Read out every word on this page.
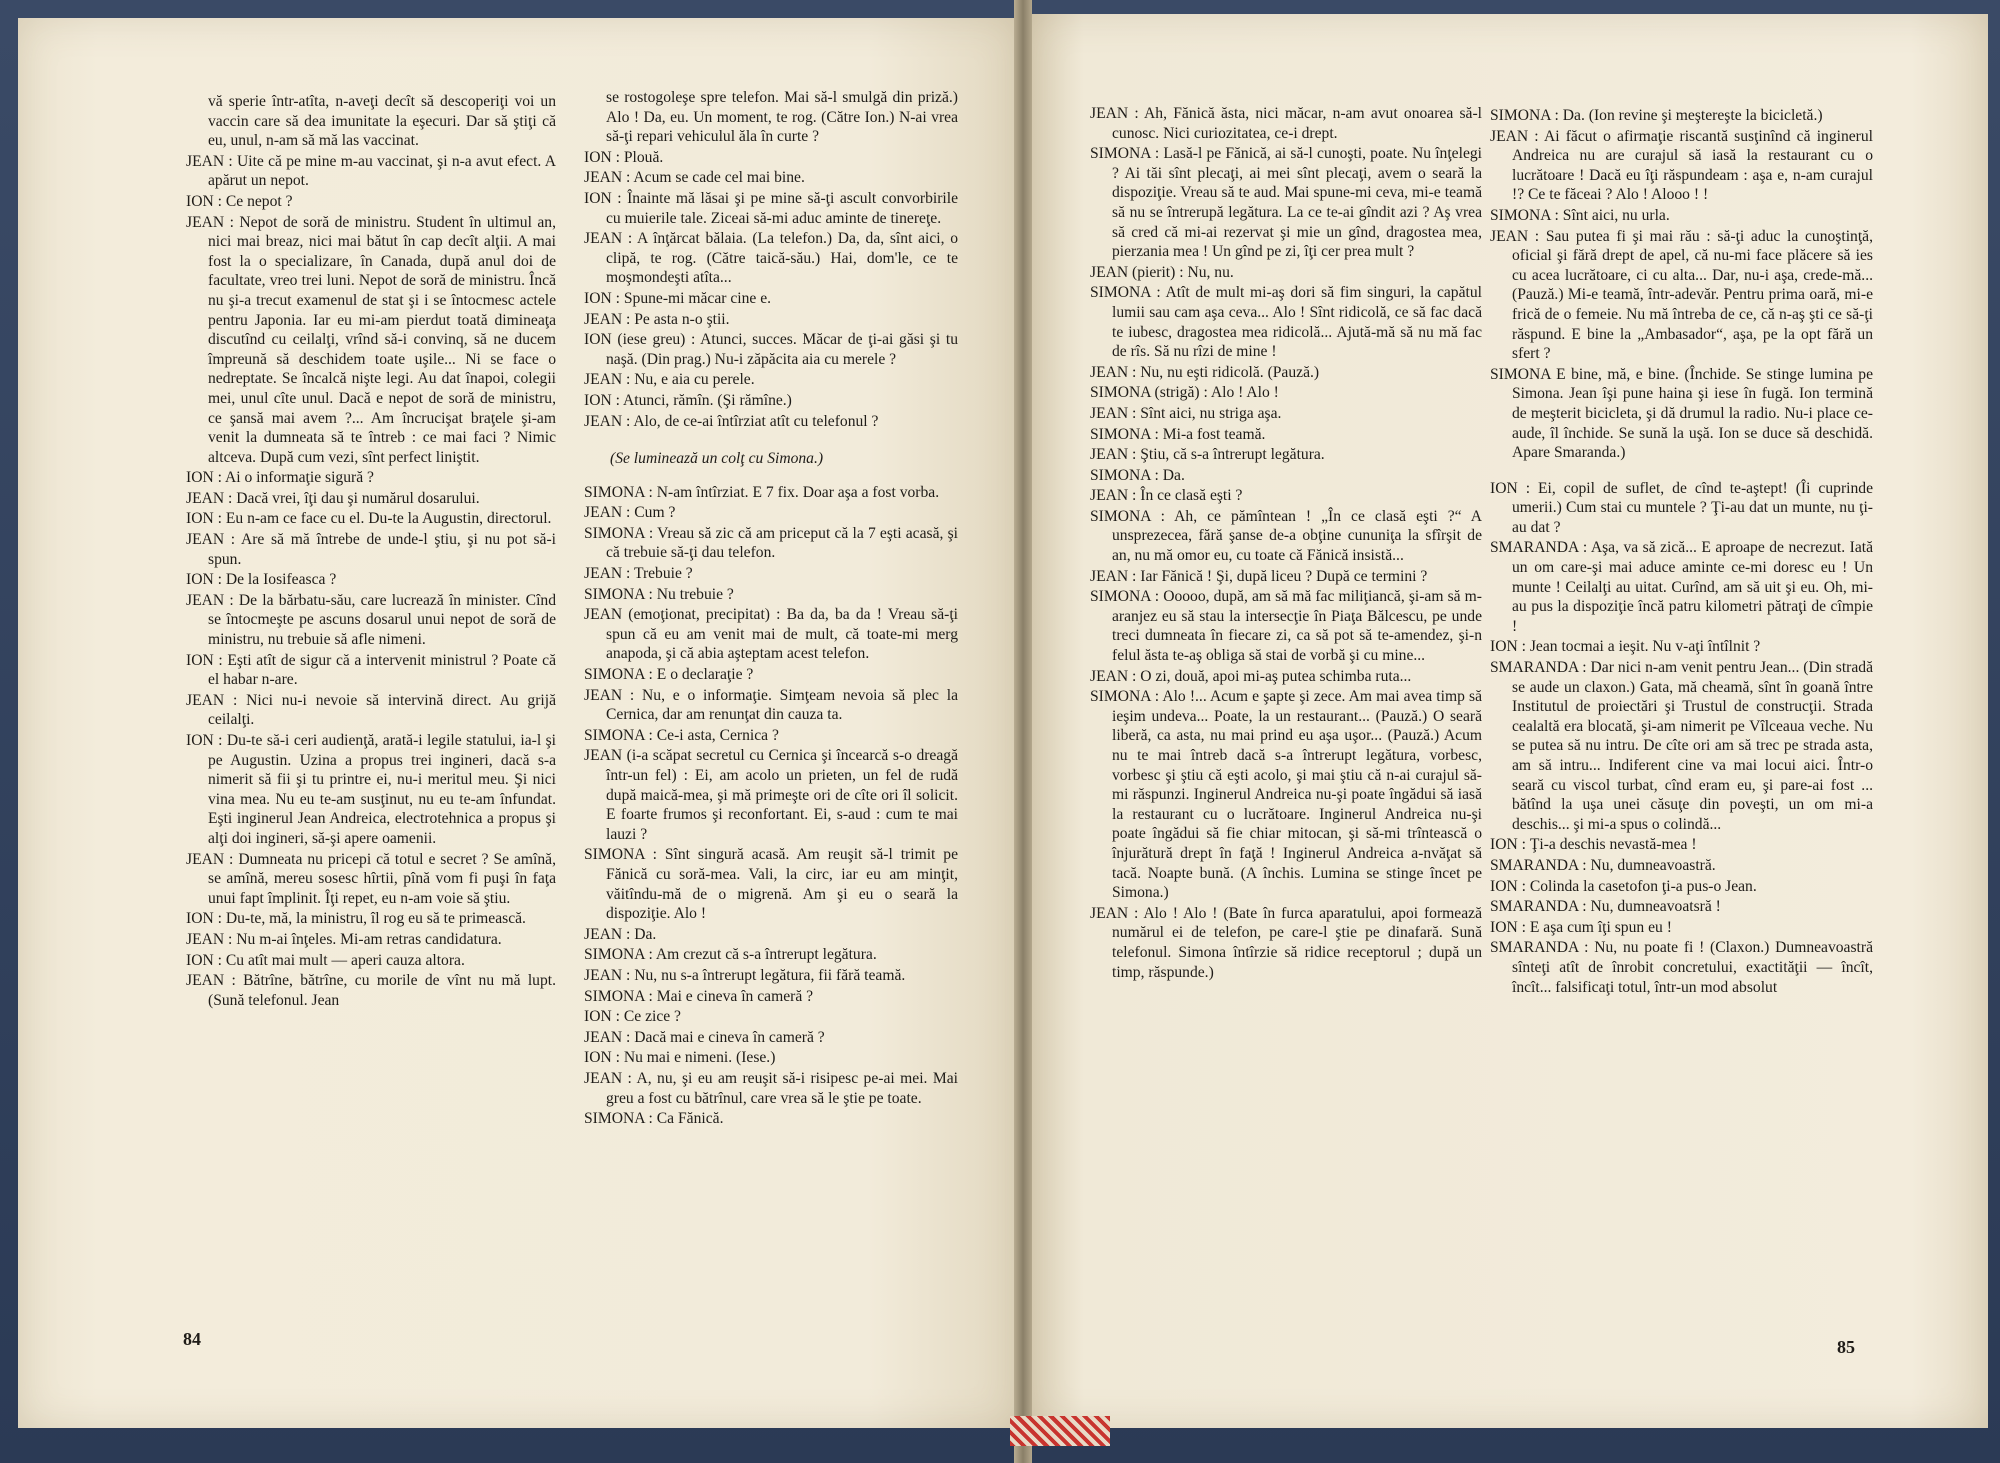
vă sperie într-atîta, n-aveţi decît să descoperiţi voi un vaccin care să dea imunitate la eşecuri. Dar să ştiţi că eu, unul, n-am să mă las vaccinat.

JEAN : Uite că pe mine m-au vaccinat, şi n-a avut efect. A apărut un nepot.

ION : Ce nepot ?

JEAN : Nepot de soră de ministru. Student în ultimul an, nici mai breaz, nici mai bătut în cap decît alţii. A mai fost la o specializare, în Canada, după anul doi de facultate, vreo trei luni. Nepot de soră de ministru. Încă nu şi-a trecut examenul de stat şi i se întocmesc actele pentru Japonia. Iar eu mi-am pierdut toată dimineaţa discutînd cu ceilalţi, vrînd să-i convinq, să ne ducem împreună să deschidem toate uşile... Ni se face o nedreptate. Se încalcă nişte legi. Au dat înapoi, colegii mei, unul cîte unul. Dacă e nepot de soră de ministru, ce şansă mai avem ?... Am încrucişat braţele şi-am venit la dumneata să te întreb : ce mai faci ? Nimic altceva. După cum vezi, sînt perfect liniştit.

ION : Ai o informaţie sigură ?

JEAN : Dacă vrei, îţi dau şi numărul dosarului.

ION : Eu n-am ce face cu el. Du-te la Augustin, directorul.

JEAN : Are să mă întrebe de unde-l ştiu, şi nu pot să-i spun.

ION : De la Iosifeasca ?

JEAN : De la bărbatu-său, care lucrează în minister. Cînd se întocmeşte pe ascuns dosarul unui nepot de soră de ministru, nu trebuie să afle nimeni.

ION : Eşti atît de sigur că a intervenit ministrul ? Poate că el habar n-are.

JEAN : Nici nu-i nevoie să intervină direct. Au grijă ceilalţi.

ION : Du-te să-i ceri audienţă, arată-i legile statului, ia-l şi pe Augustin. Uzina a propus trei ingineri, dacă s-a nimerit să fii şi tu printre ei, nu-i meritul meu. Şi nici vina mea. Nu eu te-am susţinut, nu eu te-am înfundat. Eşti inginerul Jean Andreica, electrotehnica a propus şi alţi doi ingineri, să-şi apere oamenii.

JEAN : Dumneata nu pricepi că totul e secret ? Se amînă, se amînă, mereu sosesc hîrtii, pînă vom fi puşi în faţa unui fapt împlinit. Îţi repet, eu n-am voie să ştiu.

ION : Du-te, mă, la ministru, îl rog eu să te primească.

JEAN : Nu m-ai înţeles. Mi-am retras candidatura.

ION : Cu atît mai mult — aperi cauza altora.

JEAN : Bătrîne, bătrîne, cu morile de vînt nu mă lupt. (Sună telefonul. Jean

se rostogoleşe spre telefon. Mai să-l smulgă din priză.) Alo ! Da, eu. Un moment, te rog. (Către Ion.) N-ai vrea să-ţi repari vehiculul ăla în curte ?

ION : Plouă.

JEAN : Acum se cade cel mai bine.

ION : Înainte mă lăsai şi pe mine să-ţi ascult convorbirile cu muierile tale. Ziceai să-mi aduc aminte de tinereţe.

JEAN : A înţărcat bălaia. (La telefon.) Da, da, sînt aici, o clipă, te rog. (Către taică-său.) Hai, dom'le, ce te moşmondeşti atîta...

ION : Spune-mi măcar cine e.

JEAN : Pe asta n-o ştii.

ION (iese greu) : Atunci, succes. Măcar de ţi-ai găsi şi tu naşă. (Din prag.) Nu-i zăpăcita aia cu merele ?

JEAN : Nu, e aia cu perele.

ION : Atunci, rămîn. (Şi rămîne.)

JEAN : Alo, de ce-ai întîrziat atît cu telefonul ?

(Se luminează un colţ cu Simona.)

SIMONA : N-am întîrziat. E 7 fix. Doar aşa a fost vorba.

JEAN : Cum ?

SIMONA : Vreau să zic că am priceput că la 7 eşti acasă, şi că trebuie să-ţi dau telefon.

JEAN : Trebuie ?

SIMONA : Nu trebuie ?

JEAN (emoţionat, precipitat) : Ba da, ba da ! Vreau să-ţi spun că eu am venit mai de mult, că toate-mi merg anapoda, şi că abia aşteptam acest telefon.

SIMONA : E o declaraţie ?

JEAN : Nu, e o informaţie. Simţeam nevoia să plec la Cernica, dar am renunţat din cauza ta.

SIMONA : Ce-i asta, Cernica ?

JEAN (i-a scăpat secretul cu Cernica şi încearcă s-o dreagă într-un fel) : Ei, am acolo un prieten, un fel de rudă după maică-mea, şi mă primeşte ori de cîte ori îl solicit. E foarte frumos şi reconfortant. Ei, s-aud : cum te mai lauzi ?

SIMONA : Sînt singură acasă. Am reuşit să-l trimit pe Fănică cu soră-mea. Vali, la circ, iar eu am minţit, văitîndu-mă de o migrenă. Am şi eu o seară la dispoziţie. Alo !

JEAN : Da.

SIMONA : Am crezut că s-a întrerupt legătura.

JEAN : Nu, nu s-a întrerupt legătura, fii fără teamă.

SIMONA : Mai e cineva în cameră ?

ION : Ce zice ?

JEAN : Dacă mai e cineva în cameră ?

ION : Nu mai e nimeni. (Iese.)

JEAN : A, nu, şi eu am reuşit să-i risipesc pe-ai mei. Mai greu a fost cu bătrînul, care vrea să le ştie pe toate.

SIMONA : Ca Fănică.

JEAN : Ah, Fănică ăsta, nici măcar, n-am avut onoarea să-l cunosc. Nici curiozitatea, ce-i drept.

SIMONA : Lasă-l pe Fănică, ai să-l cunoşti, poate. Nu înţelegi ? Ai tăi sînt plecaţi, ai mei sînt plecaţi, avem o seară la dispoziţie. Vreau să te aud. Mai spune-mi ceva, mi-e teamă să nu se întrerupă legătura. La ce te-ai gîndit azi ? Aş vrea să cred că mi-ai rezervat şi mie un gînd, dragostea mea, pierzania mea ! Un gînd pe zi, îţi cer prea mult ?

JEAN (pierit) : Nu, nu.

SIMONA : Atît de mult mi-aş dori să fim singuri, la capătul lumii sau cam aşa ceva... Alo ! Sînt ridicolă, ce să fac dacă te iubesc, dragostea mea ridicolă... Ajută-mă să nu mă fac de rîs. Să nu rîzi de mine !

JEAN : Nu, nu eşti ridicolă. (Pauză.)

SIMONA (strigă) : Alo ! Alo !

JEAN : Sînt aici, nu striga aşa.

SIMONA : Mi-a fost teamă.

JEAN : Ştiu, că s-a întrerupt legătura.

SIMONA : Da.

JEAN : În ce clasă eşti ?

SIMONA : Ah, ce pămîntean ! „În ce clasă eşti ?“ A unsprezecea, fără şanse de-a obţine cununiţa la sfîrşit de an, nu mă omor eu, cu toate că Fănică insistă...

JEAN : Iar Fănică ! Şi, după liceu ? După ce termini ?

SIMONA : Ooooo, după, am să mă fac miliţiancă, şi-am să m-aranjez eu să stau la intersecţie în Piaţa Bălcescu, pe unde treci dumneata în fiecare zi, ca să pot să te-amendez, şi-n felul ăsta te-aş obliga să stai de vorbă şi cu mine...

JEAN : O zi, două, apoi mi-aş putea schimba ruta...

SIMONA : Alo !... Acum e şapte şi zece. Am mai avea timp să ieşim undeva... Poate, la un restaurant... (Pauză.) O seară liberă, ca asta, nu mai prind eu aşa uşor... (Pauză.) Acum nu te mai întreb dacă s-a întrerupt legătura, vorbesc, vorbesc şi ştiu că eşti acolo, şi mai ştiu că n-ai curajul să-mi răspunzi. Inginerul Andreica nu-şi poate îngădui să iasă la restaurant cu o lucrătoare. Inginerul Andreica nu-şi poate îngădui să fie chiar mitocan, şi să-mi trîntească o înjurătură drept în faţă ! Inginerul Andreica a-nvăţat să tacă. Noapte bună. (A închis. Lumina se stinge încet pe Simona.)

JEAN : Alo ! Alo ! (Bate în furca aparatului, apoi formează numărul ei de telefon, pe care-l ştie pe dinafară. Sună telefonul. Simona întîrzie să ridice receptorul ; după un timp, răspunde.)

SIMONA : Da. (Ion revine şi meştereşte la bicicletă.)

JEAN : Ai făcut o afirmaţie riscantă susţinînd că inginerul Andreica nu are curajul să iasă la restaurant cu o lucrătoare ! Dacă eu îţi răspundeam : aşa e, n-am curajul !? Ce te făceai ? Alo ! Alooo ! !

SIMONA : Sînt aici, nu urla.

JEAN : Sau putea fi şi mai rău : să-ţi aduc la cunoştinţă, oficial şi fără drept de apel, că nu-mi face plăcere să ies cu acea lucrătoare, ci cu alta... Dar, nu-i aşa, crede-mă... (Pauză.) Mi-e teamă, într-adevăr. Pentru prima oară, mi-e frică de o femeie. Nu mă întreba de ce, că n-aş şti ce să-ţi răspund. E bine la „Ambasador“, aşa, pe la opt fără un sfert ?

SIMONA E bine, mă, e bine. (Închide. Se stinge lumina pe Simona. Jean îşi pune haina şi iese în fugă. Ion termină de meşterit bicicleta, şi dă drumul la radio. Nu-i place ce-aude, îl închide. Se sună la uşă. Ion se duce să deschidă. Apare Smaranda.)

ION : Ei, copil de suflet, de cînd te-aştept! (Îi cuprinde umerii.) Cum stai cu muntele ? Ţi-au dat un munte, nu ţi-au dat ?

SMARANDA : Aşa, va să zică... E aproape de necrezut. Iată un om care-şi mai aduce aminte ce-mi doresc eu ! Un munte ! Ceilalţi au uitat. Curînd, am să uit şi eu. Oh, mi-au pus la dispoziţie încă patru kilometri pătraţi de cîmpie !

ION : Jean tocmai a ieşit. Nu v-aţi întîlnit ?

SMARANDA : Dar nici n-am venit pentru Jean... (Din stradă se aude un claxon.) Gata, mă cheamă, sînt în goană între Institutul de proiectări şi Trustul de construcţii. Strada cealaltă era blocată, şi-am nimerit pe Vîlceaua veche. Nu se putea să nu intru. De cîte ori am să trec pe strada asta, am să intru... Indiferent cine va mai locui aici. Într-o seară cu viscol turbat, cînd eram eu, şi pare-ai fost ... bătînd la uşa unei căsuţe din poveşti, un om mi-a deschis... şi mi-a spus o colindă...

ION : Ţi-a deschis nevastă-mea !

SMARANDA : Nu, dumneavoastră.

ION : Colinda la casetofon ţi-a pus-o Jean.

SMARANDA : Nu, dumneavoatsră !

ION : E aşa cum îţi spun eu !

SMARANDA : Nu, nu poate fi ! (Claxon.) Dumneavoastră sînteţi atît de înrobit concretului, exactităţii — încît, încît... falsificaţi totul, într-un mod absolut

84	85
